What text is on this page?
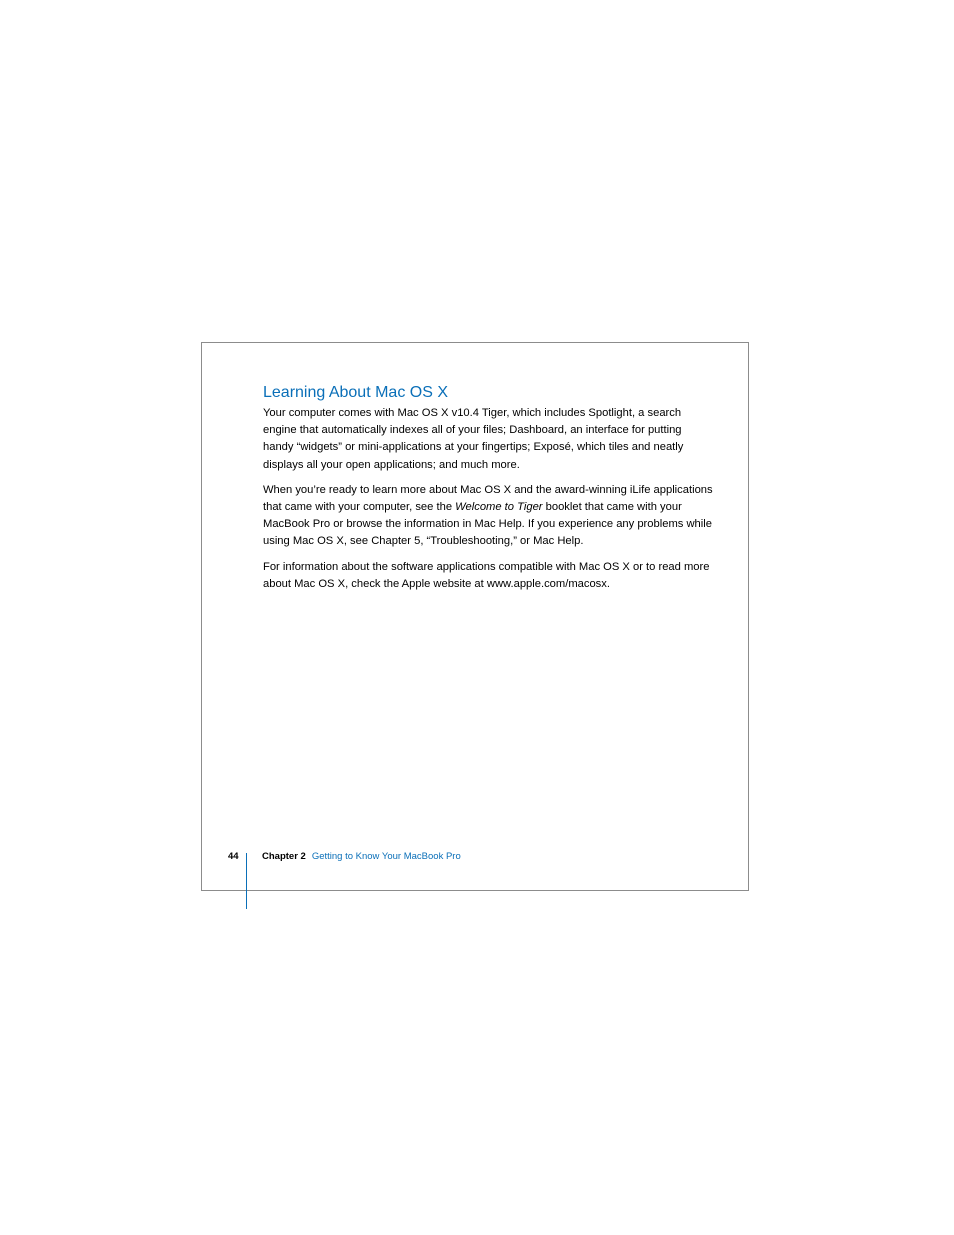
Learning About Mac OS X

Your computer comes with Mac OS X v10.4 Tiger, which includes Spotlight, a search engine that automatically indexes all of your files; Dashboard, an interface for putting handy “widgets” or mini-applications at your fingertips; Exposé, which tiles and neatly displays all your open applications; and much more.

When you’re ready to learn more about Mac OS X and the award-winning iLife applications that came with your computer, see the Welcome to Tiger booklet that came with your MacBook Pro or browse the information in Mac Help. If you experience any problems while using Mac OS X, see Chapter 5, “Troubleshooting,” or Mac Help.

For information about the software applications compatible with Mac OS X or to read more about Mac OS X, check the Apple website at www.apple.com/macosx.

44 Chapter 2 Getting to Know Your MacBook Pro
